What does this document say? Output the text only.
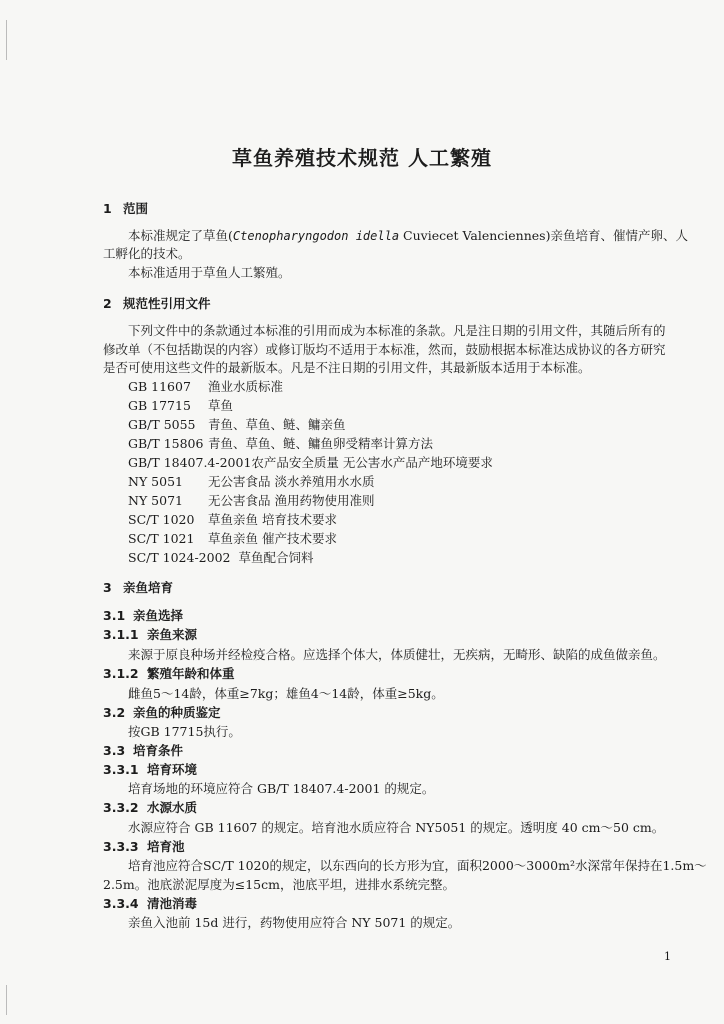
草鱼养殖技术规范 人工繁殖
1 范围
本标准规定了草鱼(Ctenopharyngodon idella Cuviecet Valenciennes)亲鱼培育、催情产卵、人
工孵化的技术。
本标准适用于草鱼人工繁殖。
2 规范性引用文件
下列文件中的条款通过本标准的引用而成为本标准的条款。凡是注日期的引用文件，其随后所有的
修改单（不包括勘误的内容）或修订版均不适用于本标准，然而，鼓励根据本标准达成协议的各方研究
是否可使用这些文件的最新版本。凡是不注日期的引用文件，其最新版本适用于本标准。
GB 11607 渔业水质标准
GB 17715 草鱼
GB/T 5055 青鱼、草鱼、鲢、鳙亲鱼
GB/T 15806 青鱼、草鱼、鲢、鳙鱼卵受精率计算方法
GB/T 18407.4-2001农产品安全质量 无公害水产品产地环境要求
NY 5051 无公害食品 淡水养殖用水水质
NY 5071 无公害食品 渔用药物使用准则
SC/T 1020 草鱼亲鱼 培育技术要求
SC/T 1021 草鱼亲鱼 催产技术要求
SC/T 1024-2002 草鱼配合饲料
3 亲鱼培育
3.1 亲鱼选择
3.1.1 亲鱼来源
来源于原良种场并经检疫合格。应选择个体大，体质健壮，无疾病，无畸形、缺陷的成鱼做亲鱼。
3.1.2 繁殖年龄和体重
雌鱼5～14龄，体重≥7kg；雄鱼4～14龄，体重≥5kg。
3.2 亲鱼的种质鉴定
按GB 17715执行。
3.3 培育条件
3.3.1 培育环境
培育场地的环境应符合 GB/T 18407.4-2001 的规定。
3.3.2 水源水质
水源应符合 GB 11607 的规定。培育池水质应符合 NY5051 的规定。透明度 40 cm～50 cm。
3.3.3 培育池
培育池应符合SC/T 1020的规定，以东西向的长方形为宜，面积2000～3000m²水深常年保持在1.5m～
2.5m。池底淤泥厚度为≤15cm，池底平坦，进排水系统完整。
3.3.4 清池消毒
亲鱼入池前 15d 进行，药物使用应符合 NY 5071 的规定。
1
